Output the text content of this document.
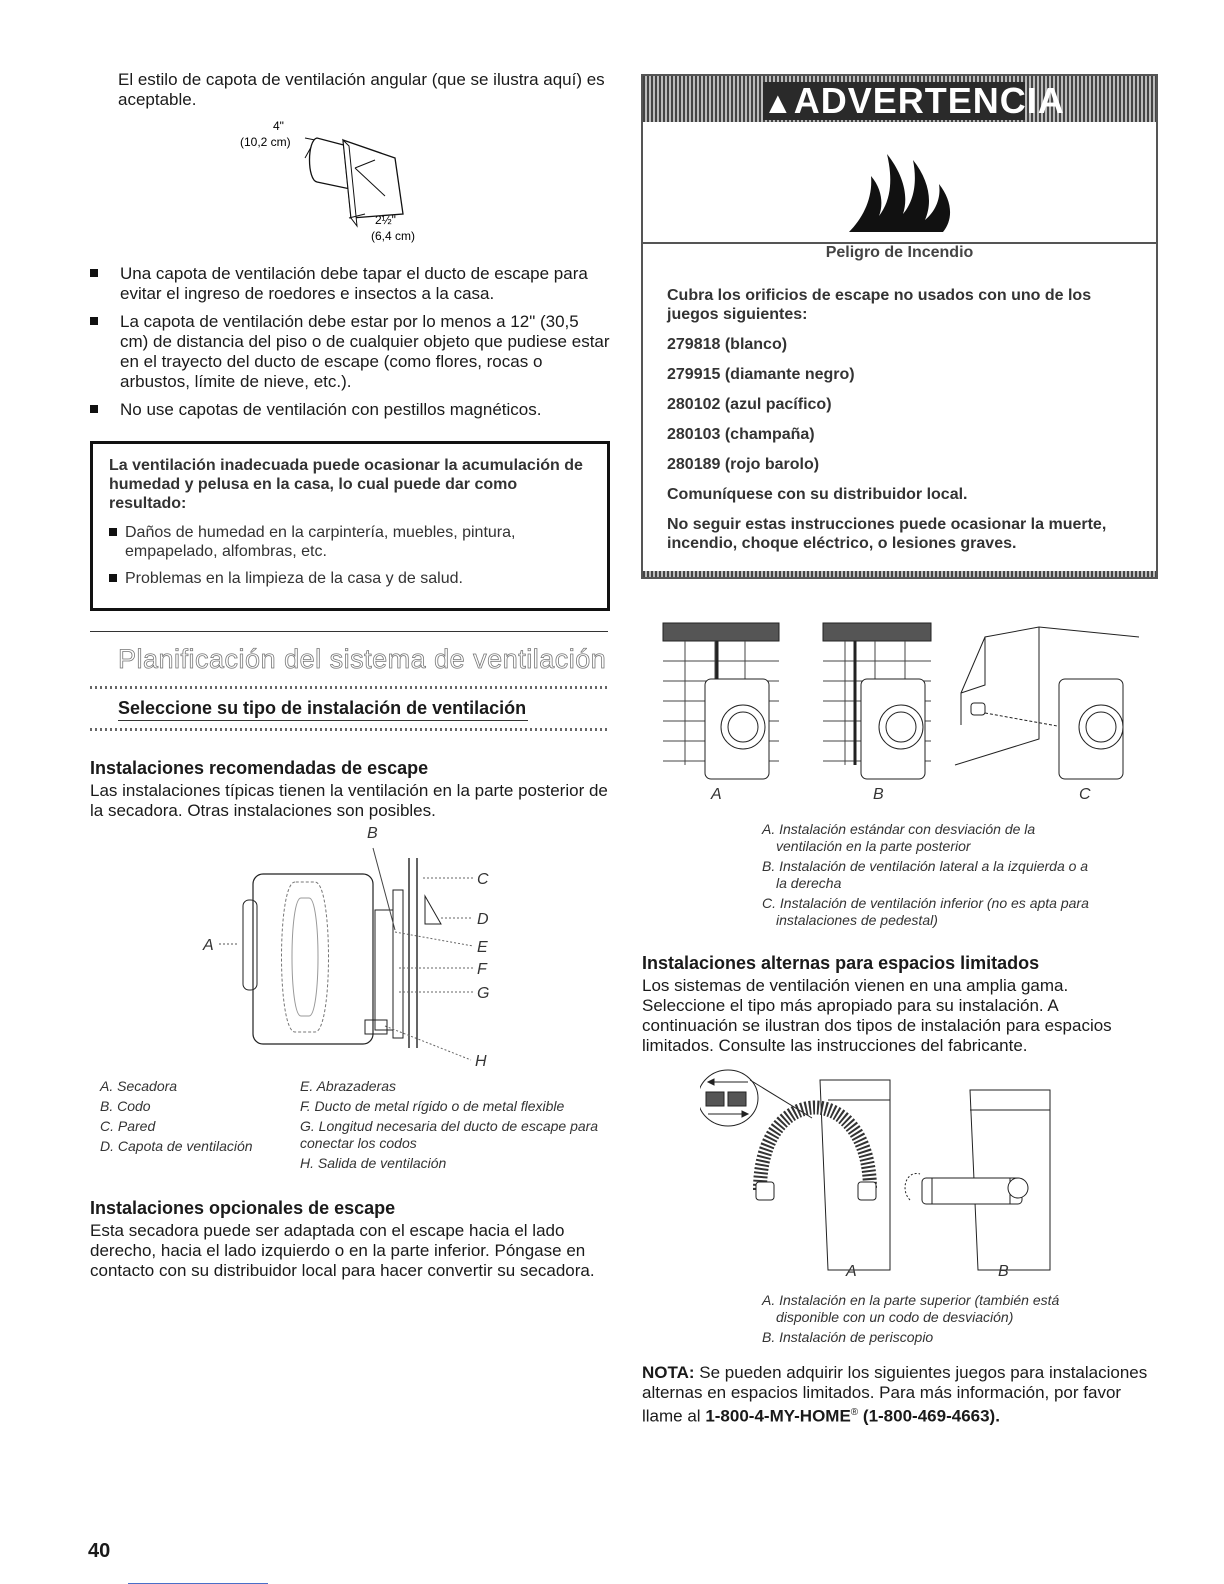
El estilo de capota de ventilación angular (que se ilustra aquí) es aceptable.
4"
(10,2 cm)
2½"
(6,4 cm)
Una capota de ventilación debe tapar el ducto de escape para evitar el ingreso de roedores e insectos a la casa.
La capota de ventilación debe estar por lo menos a 12" (30,5 cm) de distancia del piso o de cualquier objeto que pudiese estar en el trayecto del ducto de escape (como flores, rocas o arbustos, límite de nieve, etc.).
No use capotas de ventilación con pestillos magnéticos.
La ventilación inadecuada puede ocasionar la acumulación de humedad y pelusa en la casa, lo cual puede dar como resultado:
Daños de humedad en la carpintería, muebles, pintura, empapelado, alfombras, etc.
Problemas en la limpieza de la casa y de salud.
Planificación del sistema de ventilación
Seleccione su tipo de instalación de ventilación
Instalaciones recomendadas de escape
Las instalaciones típicas tienen la ventilación en la parte posterior de la secadora. Otras instalaciones son posibles.
B
C
D
E
F
G
A
H
A. Secadora
B. Codo
C. Pared
D. Capota de ventilación
E. Abrazaderas
F. Ducto de metal rígido o de metal flexible
G. Longitud necesaria del ducto de escape para conectar los codos
H. Salida de ventilación
Instalaciones opcionales de escape
Esta secadora puede ser adaptada con el escape hacia el lado derecho, hacia el lado izquierdo o en la parte inferior. Póngase en contacto con su distribuidor local para hacer convertir su secadora.
40
▲ADVERTENCIA
Peligro de Incendio
Cubra los orificios de escape no usados con uno de los juegos siguientes:
279818 (blanco)
279915 (diamante negro)
280102 (azul pacífico)
280103 (champaña)
280189 (rojo barolo)
Comuníquese con su distribuidor local.
No seguir estas instrucciones puede ocasionar la muerte, incendio, choque eléctrico, o lesiones graves.
A	B	C
A. Instalación estándar con desviación de la ventilación en la parte posterior
B. Instalación de ventilación lateral a la izquierda o a la derecha
C. Instalación de ventilación inferior (no es apta para instalaciones de pedestal)
Instalaciones alternas para espacios limitados
Los sistemas de ventilación vienen en una amplia gama. Seleccione el tipo más apropiado para su instalación. A continuación se ilustran dos tipos de instalación para espacios limitados. Consulte las instrucciones del fabricante.
A	B
A. Instalación en la parte superior (también está disponible con un codo de desviación)
B. Instalación de periscopio
NOTA: Se pueden adquirir los siguientes juegos para instalaciones alternas en espacios limitados. Para más información, por favor llame al 1-800-4-MY-HOME® (1-800-469-4663).
